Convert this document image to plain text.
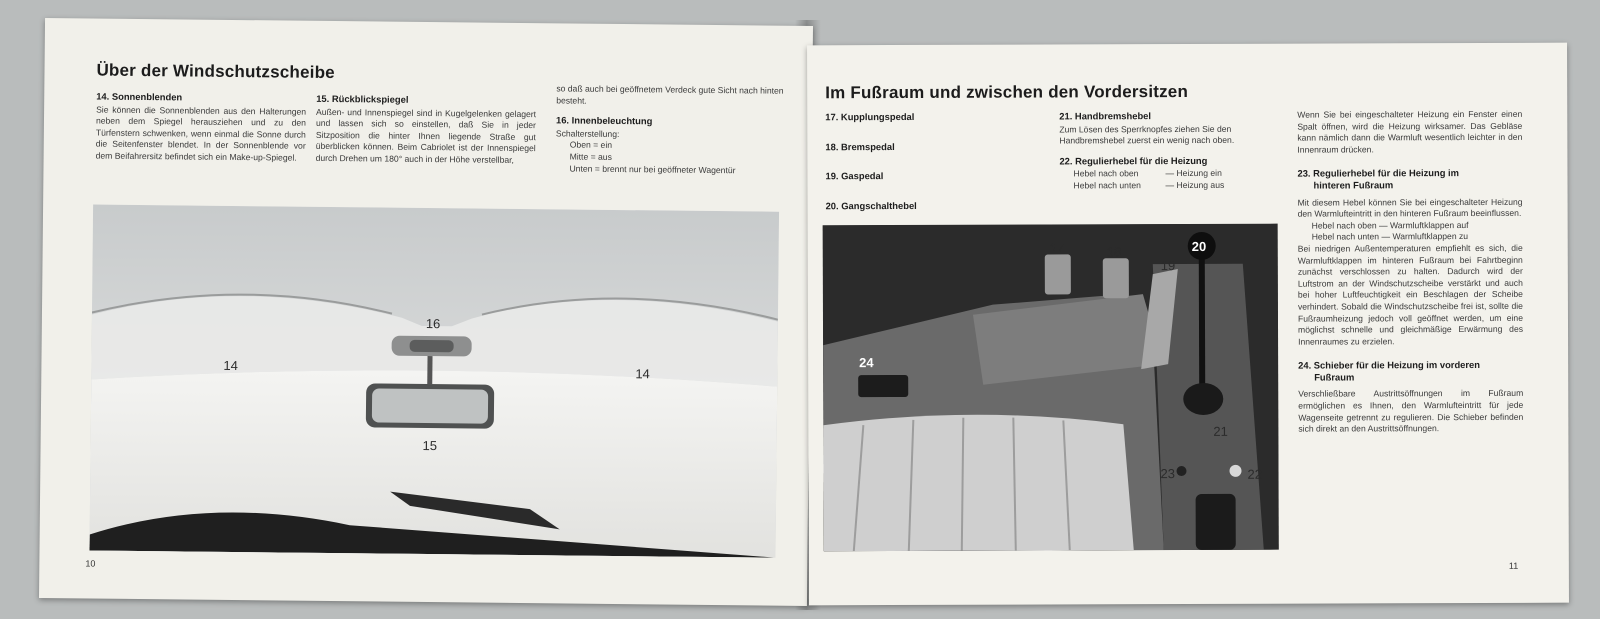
Über der Windschutzscheibe
14. Sonnenblenden

Sie können die Sonnenblenden aus den Halterungen neben dem Spiegel herausziehen und zu den Türfenstern schwenken, wenn einmal die Sonne durch die Seitenfenster blendet. In der Sonnenblende vor dem Beifahrersitz befindet sich ein Make-up-Spiegel.

15. Rückblickspiegel

Außen- und Innenspiegel sind in Kugelgelenken gelagert und lassen sich so einstellen, daß Sie in jeder Sitzposition die hinter Ihnen liegende Straße gut überblicken können. Beim Cabriolet ist der Innenspiegel durch Drehen um 180° auch in der Höhe verstellbar,

so daß auch bei geöffnetem Verdeck gute Sicht nach hinten besteht.

16. Innenbeleuchtung

Schalterstellung:

Oben = ein

Mitte = aus

Unten = brennt nur bei geöffneter Wagentür

14
16
14
15
10
Im Fußraum und zwischen den Vordersitzen
17. Kupplungspedal
18. Bremspedal
19. Gaspedal
20. Gangschalthebel
21. Handbremshebel

Zum Lösen des Sperrknopfes ziehen Sie den Handbremshebel zuerst ein wenig nach oben.

22. Regulierhebel für die Heizung

Hebel nach oben	— Heizung ein

Hebel nach unten	— Heizung aus

Wenn Sie bei eingeschalteter Heizung ein Fenster einen Spalt öffnen, wird die Heizung wirksamer. Das Gebläse kann nämlich dann die Warmluft wesentlich leichter in den Innenraum drücken.

23. Regulierhebel für die Heizung im
hinteren Fußraum

Mit diesem Hebel können Sie bei eingeschalteter Heizung den Warmlufteintritt in den hinteren Fußraum beeinflussen.

Hebel nach oben — Warmluftklappen auf

Hebel nach unten — Warmluftklappen zu

Bei niedrigen Außentemperaturen empfiehlt es sich, die Warmluftklappen im hinteren Fußraum bei Fahrtbeginn zunächst verschlossen zu halten. Dadurch wird der Luftstrom an der Windschutzscheibe verstärkt und auch bei hoher Luftfeuchtigkeit ein Beschlagen der Scheibe verhindert. Sobald die Windschutzscheibe frei ist, sollte die Fußraumheizung jedoch voll geöffnet werden, um eine möglichst schnelle und gleichmäßige Erwärmung des Innenraumes zu erzielen.

24. Schieber für die Heizung im vorderen
Fußraum

Verschließbare Austrittsöffnungen im Fußraum ermöglichen es Ihnen, den Warmlufteintritt für jede Wagenseite getrennt zu regulieren. Die Schieber befinden sich direkt an den Austrittsöffnungen.

17	18
19
20
24
21
23	22
11
